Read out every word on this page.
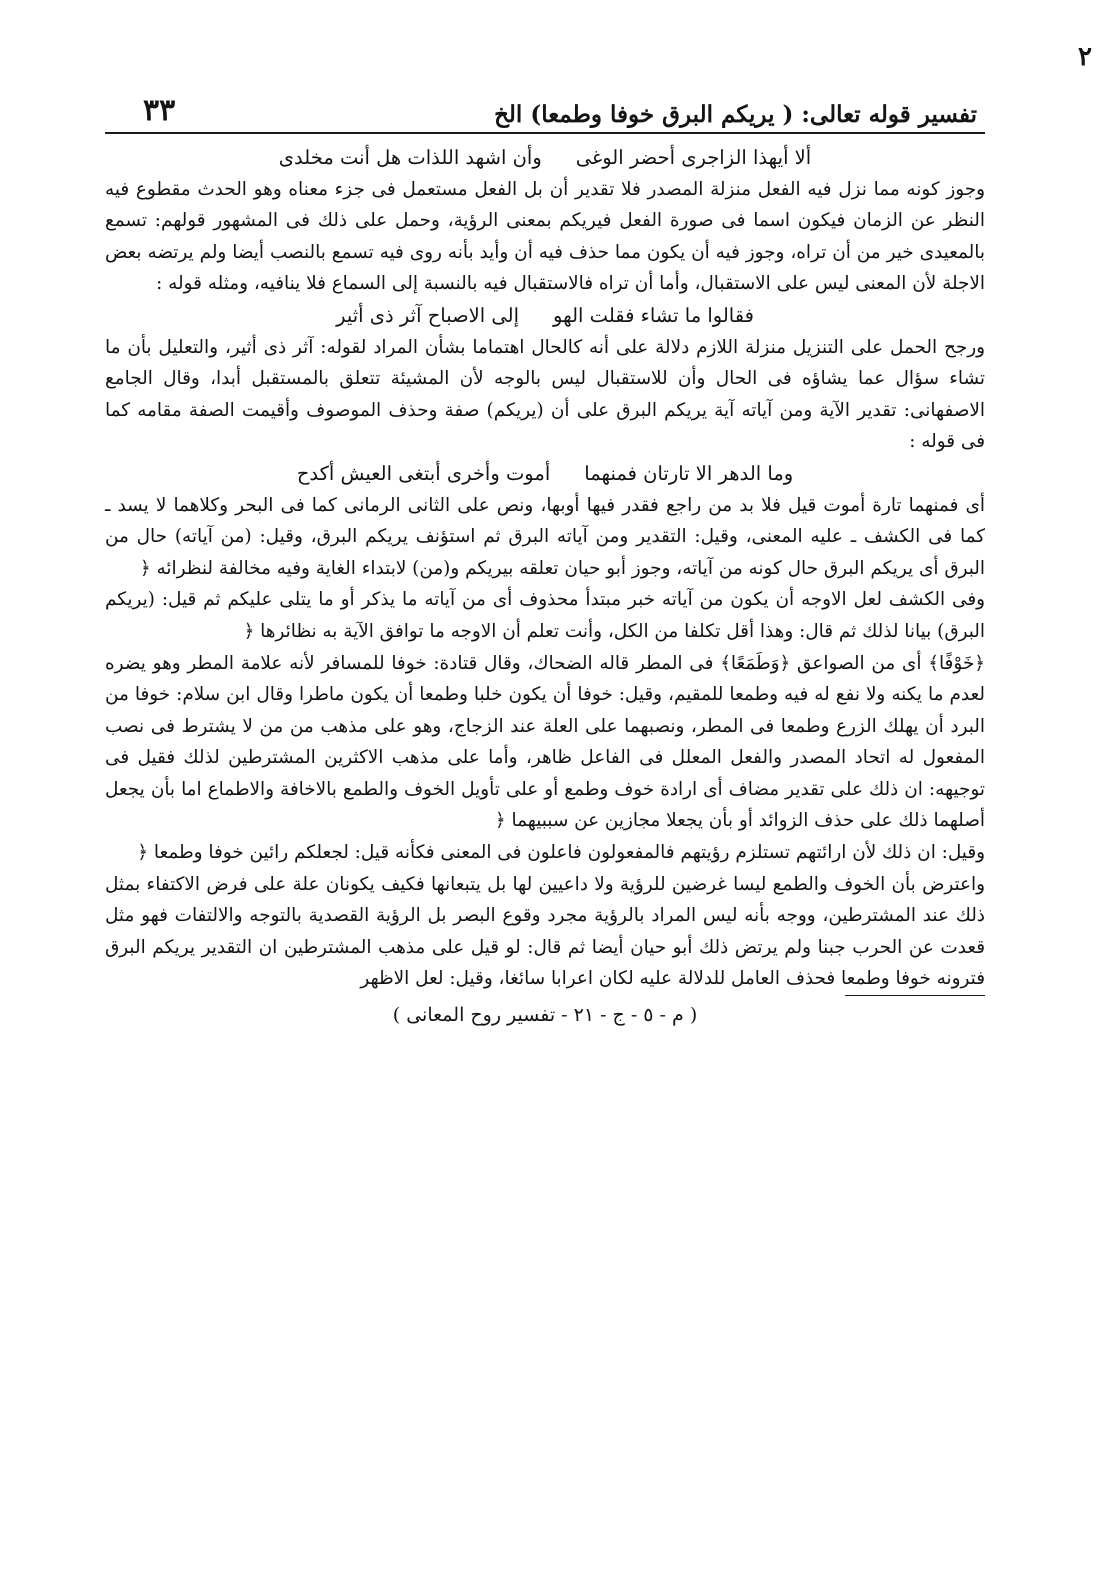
٢
تفسير قوله تعالى: ( يريكم البرق خوفا وطمعا) الخ
٣٣
ألا أيهذا الزاجرى أحضر الوغى
وأن اشهد اللذات هل أنت مخلدى

وجوز كونه مما نزل فيه الفعل منزلة المصدر فلا تقدير أن بل الفعل مستعمل فى جزء معناه وهو الحدث مقطوع فيه النظر عن الزمان فيكون اسما فى صورة الفعل فيريكم بمعنى الرؤية، وحمل على ذلك فى المشهور قولهم: تسمع بالمعيدى خير من أن تراه، وجوز فيه أن يكون مما حذف فيه أن وأيد بأنه روى فيه تسمع بالنصب أيضا ولم يرتضه بعض الاجلة لأن المعنى ليس على الاستقبال، وأما أن تراه فالاستقبال فيه بالنسبة إلى السماع فلا ينافيه، ومثله قوله :

فقالوا ما تشاء فقلت الهو
إلى الاصباح آثر ذى أثير

ورجح الحمل على التنزيل منزلة اللازم دلالة على أنه كالحال اهتماما بشأن المراد لقوله: آثر ذى أثير، والتعليل بأن ما تشاء سؤال عما يشاؤه فى الحال وأن للاستقبال ليس بالوجه لأن المشيئة تتعلق بالمستقبل أبدا، وقال الجامع الاصفهانى: تقدير الآية ومن آياته آية يريكم البرق على أن (يريكم) صفة وحذف الموصوف وأقيمت الصفة مقامه كما فى قوله :

وما الدهر الا تارتان فمنهما
أموت وأخرى أبتغى العيش أكدح

أى فمنهما تارة أموت قيل فلا بد من راجع فقدر فيها أوبها، ونص على الثانى الرمانى كما فى البحر وكلاهما لا يسد ـ كما فى الكشف ـ عليه المعنى، وقيل: التقدير ومن آياته البرق ثم استؤنف يريكم البرق، وقيل: (من آياته) حال من البرق أى يريكم البرق حال كونه من آياته، وجوز أبو حيان تعلقه بيريكم و(من) لابتداء الغاية وفيه مخالفة لنظرائه ﴿

وفى الكشف لعل الاوجه أن يكون من آياته خبر مبتدأ محذوف أى من آياته ما يذكر أو ما يتلى عليكم ثم قيل: (يريكم البرق) بيانا لذلك ثم قال: وهذا أقل تكلفا من الكل، وأنت تعلم أن الاوجه ما توافق الآية به نظائرها ﴿

﴿خَوْفًا﴾ أى من الصواعق ﴿وَطَمَعًا﴾ فى المطر قاله الضحاك، وقال قتادة: خوفا للمسافر لأنه علامة المطر وهو يضره لعدم ما يكنه ولا نفع له فيه وطمعا للمقيم، وقيل: خوفا أن يكون خلبا وطمعا أن يكون ماطرا وقال ابن سلام: خوفا من البرد أن يهلك الزرع وطمعا فى المطر، ونصبهما على العلة عند الزجاج، وهو على مذهب من من لا يشترط فى نصب المفعول له اتحاد المصدر والفعل المعلل فى الفاعل ظاهر، وأما على مذهب الاكثرين المشترطين لذلك فقيل فى توجيهه: ان ذلك على تقدير مضاف أى ارادة خوف وطمع أو على تأويل الخوف والطمع بالاخافة والاطماع اما بأن يجعل أصلهما ذلك على حذف الزوائد أو بأن يجعلا مجازين عن سببيهما ﴿

وقيل: ان ذلك لأن ارائتهم تستلزم رؤيتهم فالمفعولون فاعلون فى المعنى فكأنه قيل: لجعلكم رائين خوفا وطمعا ﴿

واعترض بأن الخوف والطمع ليسا غرضين للرؤية ولا داعيين لها بل يتبعانها فكيف يكونان علة على فرض الاكتفاء بمثل ذلك عند المشترطين، ووجه بأنه ليس المراد بالرؤية مجرد وقوع البصر بل الرؤية القصدية بالتوجه والالتفات فهو مثل قعدت عن الحرب جبنا ولم يرتض ذلك أبو حيان أيضا ثم قال: لو قيل على مذهب المشترطين ان التقدير يريكم البرق فترونه خوفا وطمعا فحذف العامل للدلالة عليه لكان اعرابا سائغا، وقيل: لعل الاظهر

( م - ٥ - ج - ٢١ - تفسير روح المعانى )
